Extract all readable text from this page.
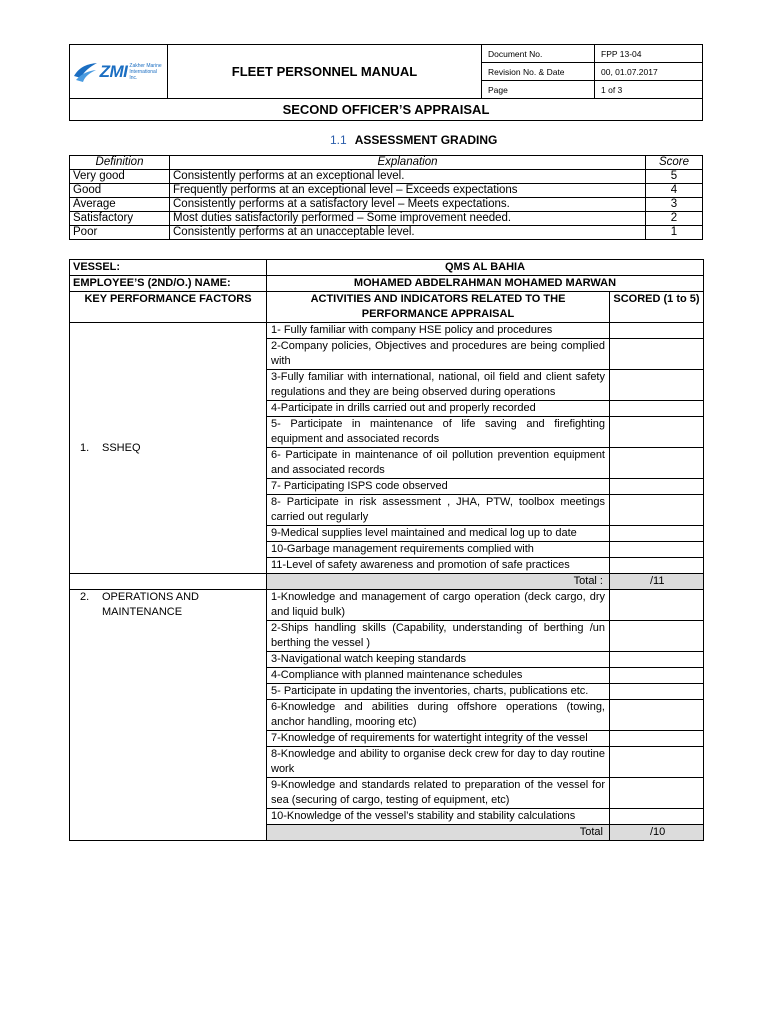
ZMI Zakher Marine International Inc.	FLEET PERSONNEL MANUAL	Document No.	FPP 13-04
		Revision No. & Date	00, 01.07.2017
		Page	1 of 3
SECOND OFFICER’S APPRAISAL			
1.1 ASSESSMENT GRADING
Definition	Explanation	Score
Very good	Consistently performs at an exceptional level.	5
Good	Frequently performs at an exceptional level – Exceeds expectations	4
Average	Consistently performs at a satisfactory level – Meets expectations.	3
Satisfactory	Most duties satisfactorily performed – Some improvement needed.	2
Poor	Consistently performs at an unacceptable level.	1
VESSEL:	QMS AL BAHIA	
EMPLOYEE’S (2ND/O.) NAME:	MOHAMED ABDELRAHMAN MOHAMED MARWAN	
KEY PERFORMANCE FACTORS	ACTIVITIES AND INDICATORS RELATED TO THE PERFORMANCE APPRAISAL	SCORED (1 to 5)
1. SSHEQ	1- Fully familiar with company HSE policy and procedures	
	2-Company policies, Objectives and procedures are being complied with	
	3-Fully familiar with international, national, oil field and client safety regulations and they are being observed during operations	
	4-Participate in drills carried out and properly recorded	
	5- Participate in maintenance of life saving and firefighting equipment and associated records	
	6- Participate in maintenance of oil pollution prevention equipment and associated records	
	7- Participating ISPS code observed	
	8- Participate in risk assessment , JHA, PTW, toolbox meetings carried out regularly	
	9-Medical supplies level maintained and medical log up to date	
	10-Garbage management requirements complied with	
	11-Level of safety awareness and promotion of safe practices	
	Total :	/11
2. OPERATIONS AND MAINTENANCE	1-Knowledge and management of cargo operation (deck cargo, dry and liquid bulk)	
	2-Ships handling skills (Capability, understanding of berthing /un berthing the vessel )	
	3-Navigational watch keeping standards	
	4-Compliance with planned maintenance schedules	
	5- Participate in updating the inventories, charts, publications etc.	
	6-Knowledge and abilities during offshore operations (towing, anchor handling, mooring etc)	
	7-Knowledge of requirements for watertight integrity of the vessel	
	8-Knowledge and ability to organise deck crew for day to day routine work	
	9-Knowledge and standards related to preparation of the vessel for sea (securing of cargo, testing of equipment, etc)	
	10-Knowledge of the vessel’s stability and stability calculations	
	Total	/10
